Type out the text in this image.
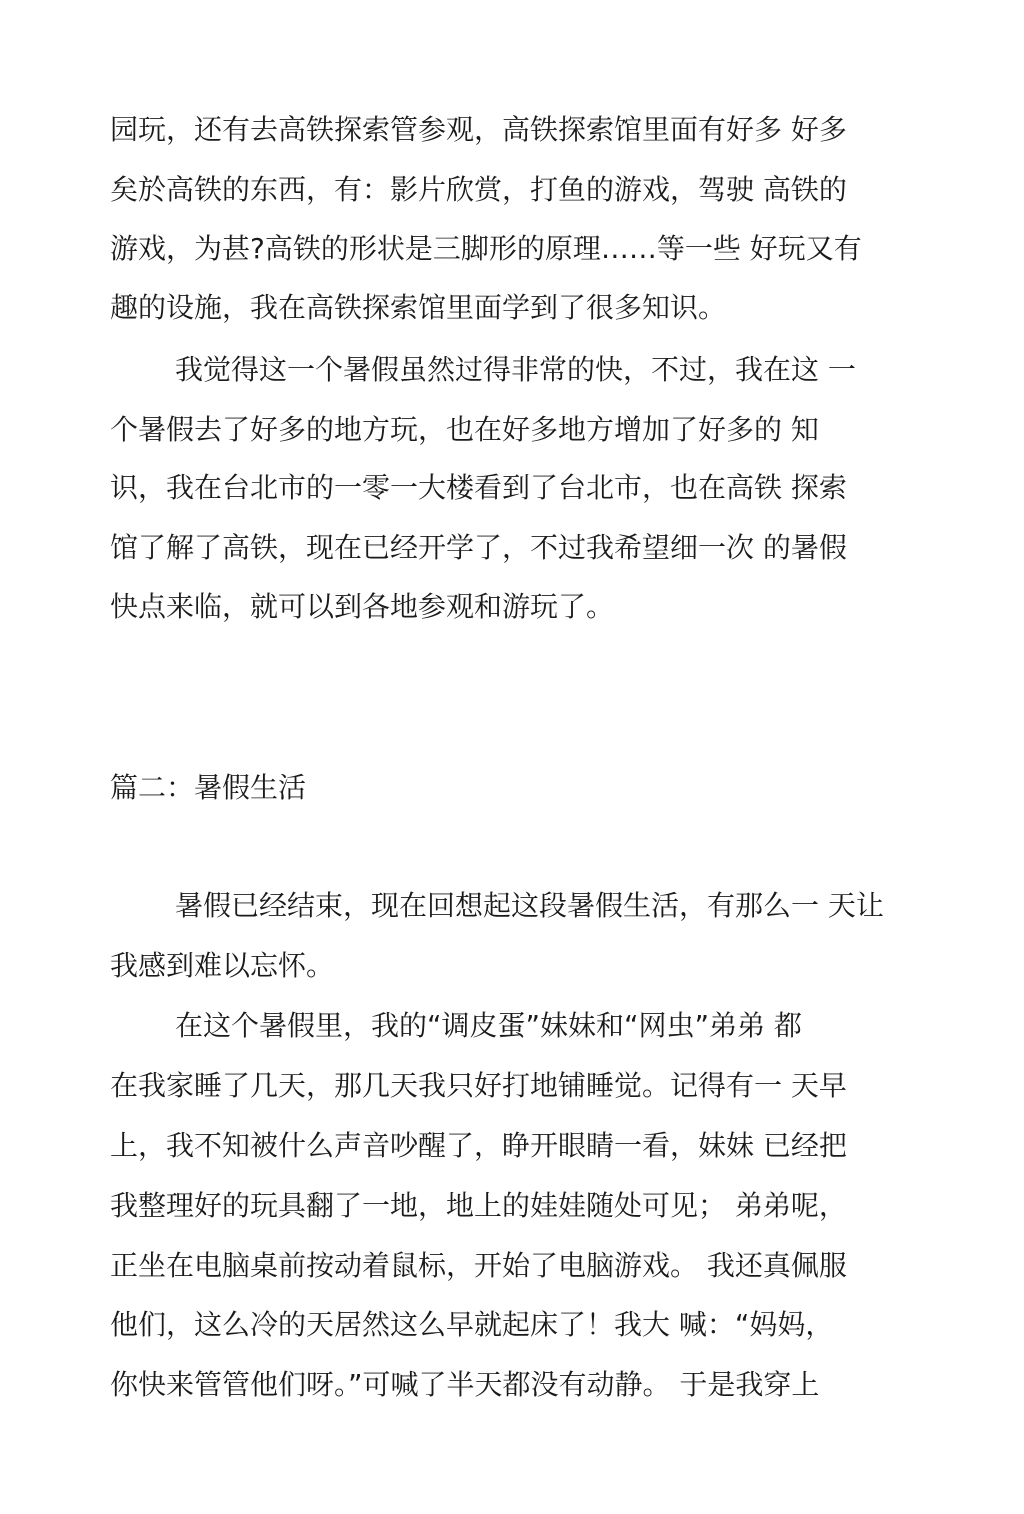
园玩，还有去高铁探索管参观，高铁探索馆里面有好多 好多
矣於高铁的东西，有：影片欣赏，打鱼的游戏，驾驶 高铁的
游戏，为甚?高铁的形状是三脚形的原理……等一些 好玩又有
趣的设施，我在高铁探索馆里面学到了很多知识。
我觉得这一个暑假虽然过得非常的快，不过，我在这 一
个暑假去了好多的地方玩，也在好多地方增加了好多的 知
识，我在台北市的一零一大楼看到了台北市，也在高铁 探索
馆了解了高铁，现在已经开学了，不过我希望细一次 的暑假
快点来临，就可以到各地参观和游玩了。
篇二：暑假生活
暑假已经结束，现在回想起这段暑假生活，有那么一 天让
我感到难以忘怀。
在这个暑假里，我的“调皮蛋”妹妹和“网虫”弟弟 都
在我家睡了几天，那几天我只好打地铺睡觉。记得有一 天早
上，我不知被什么声音吵醒了，睁开眼睛一看，妹妹 已经把
我整理好的玩具翻了一地，地上的娃娃随处可见； 弟弟呢，
正坐在电脑桌前按动着鼠标，开始了电脑游戏。 我还真佩服
他们，这么冷的天居然这么早就起床了！我大 喊：“妈妈，
你快来管管他们呀。”可喊了半天都没有动静。 于是我穿上
